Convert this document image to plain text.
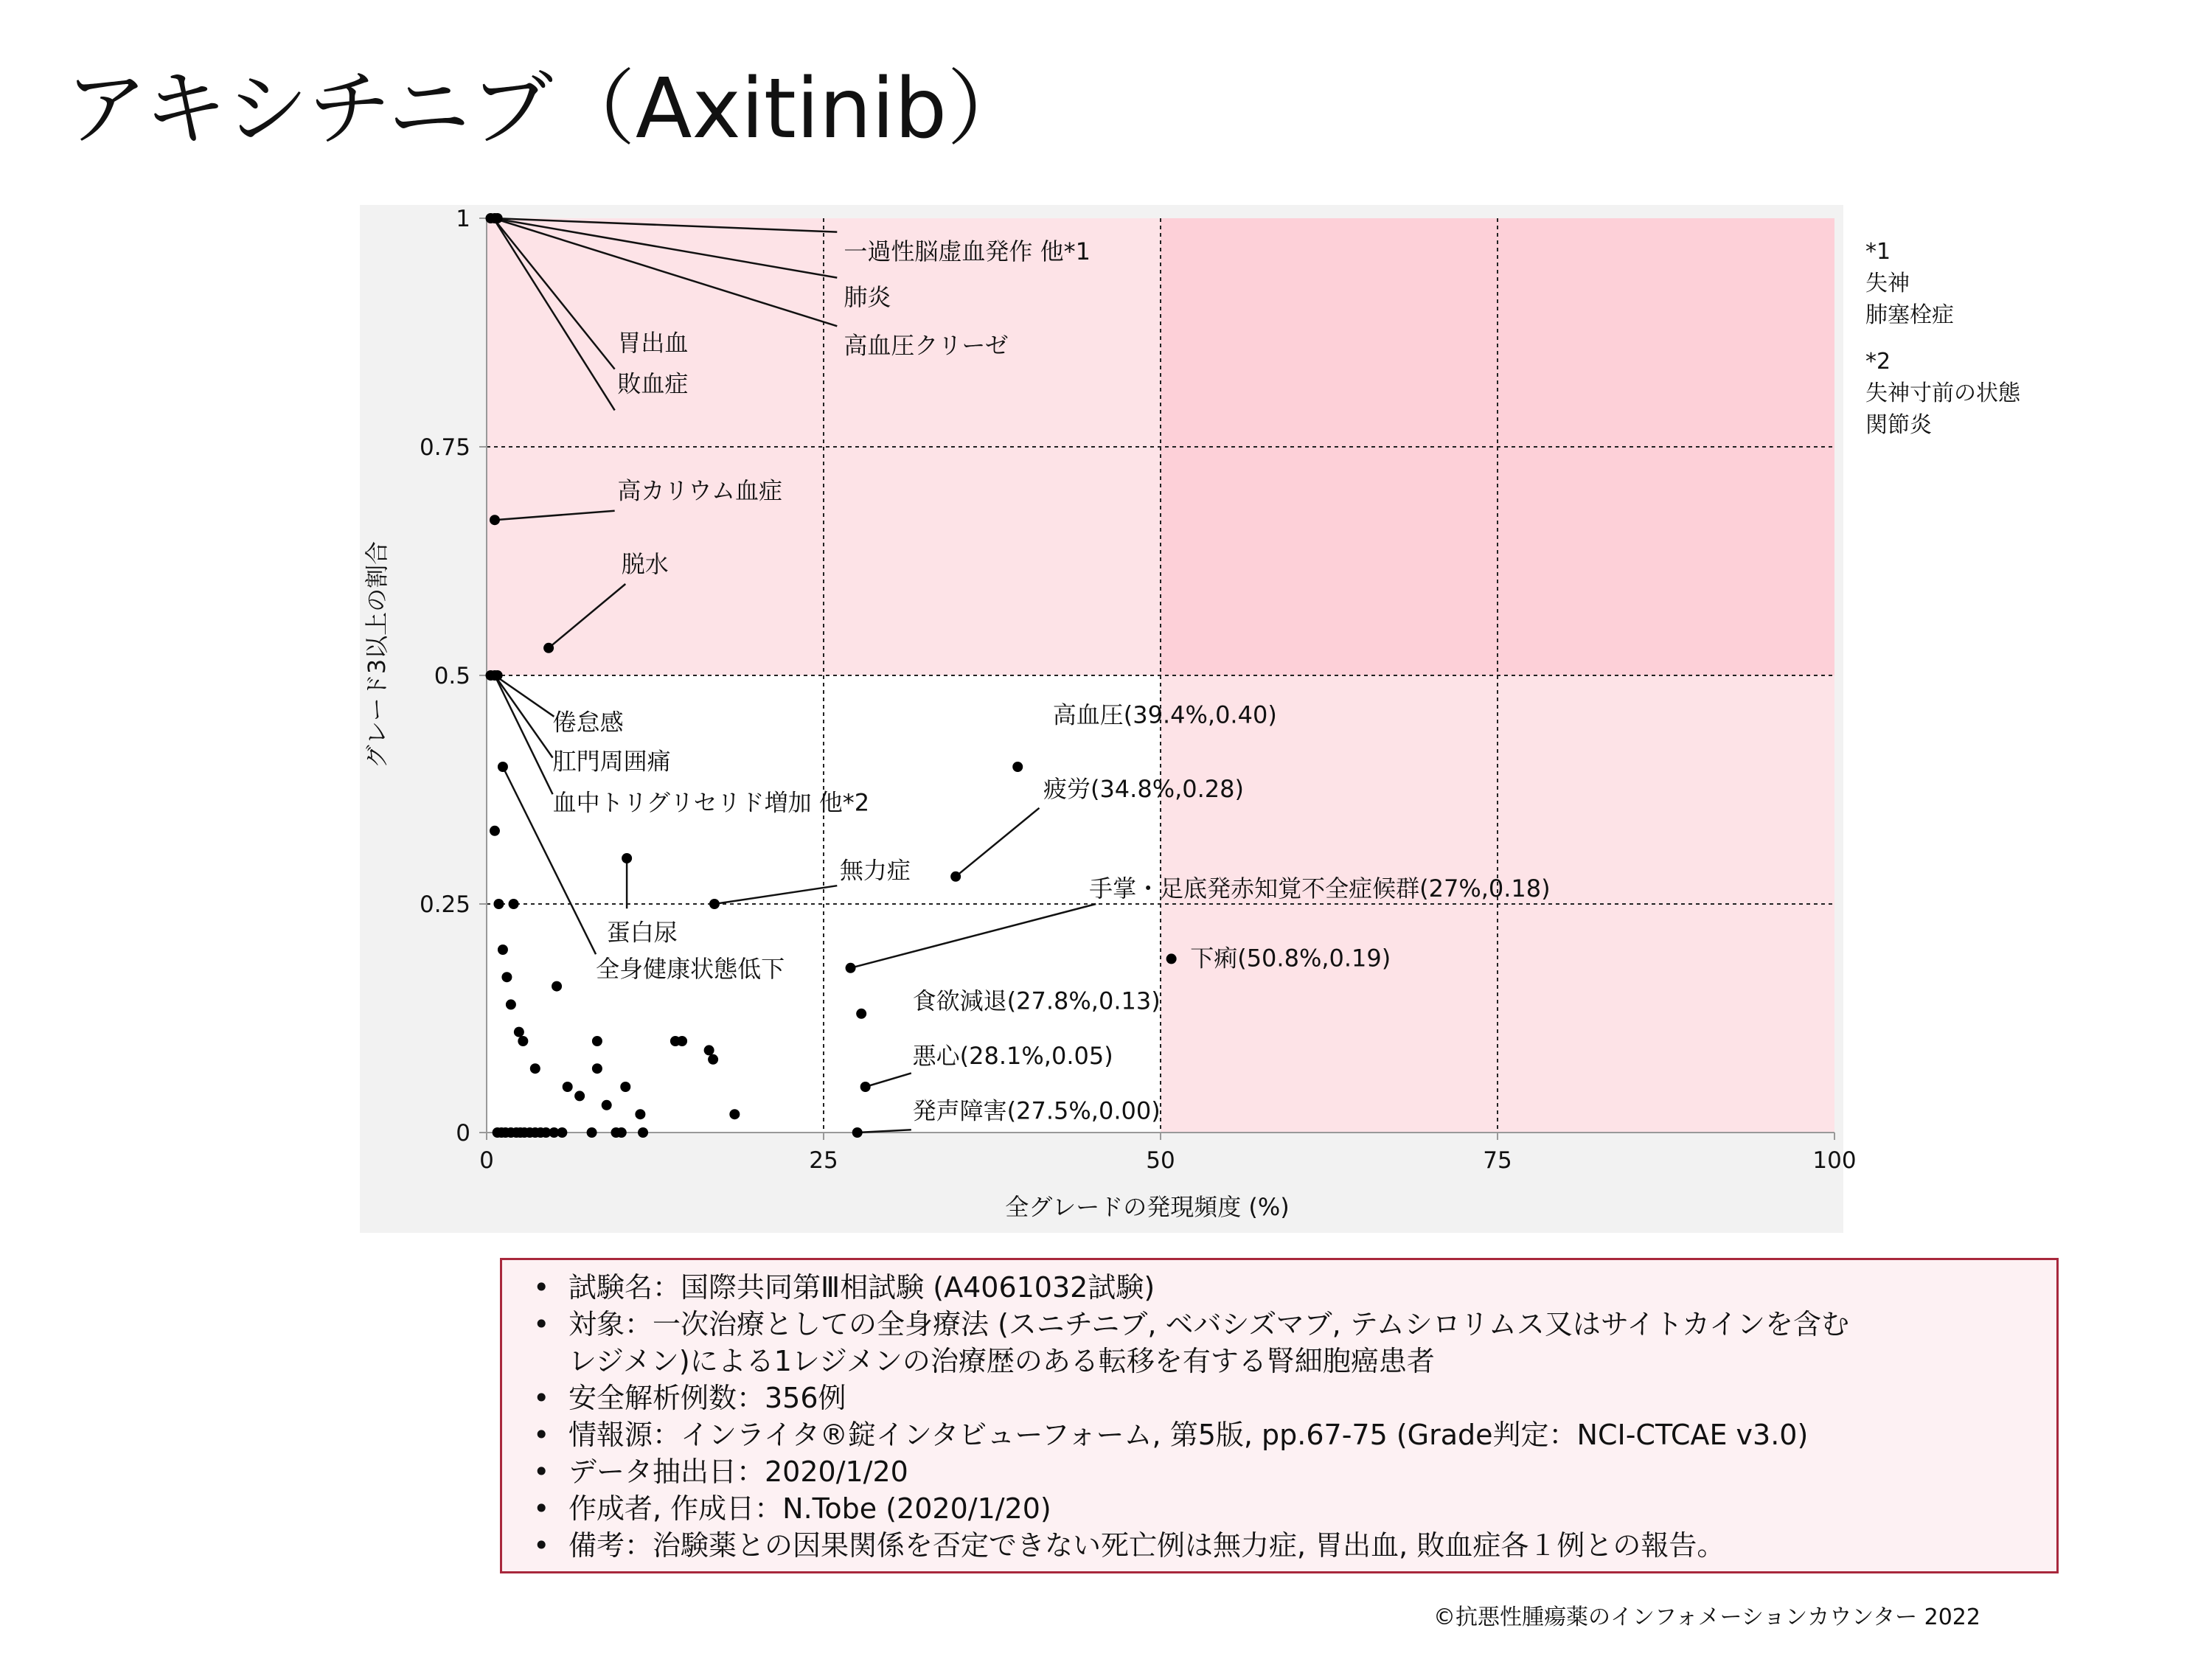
アキシチニブ（Axitinib）
0	25	50	75	100
0
0.25
0.5
0.75
1
一過性脳虚血発作 他*1
肺炎
高血圧クリーゼ
胃出血
敗血症
高カリウム血症
脱水
倦怠感
肛門周囲痛
血中トリグリセリド増加 他*2
無力症
蛋白尿
全身健康状態低下
高血圧(39.4%,0.40)
疲労(34.8%,0.28)
手掌・足底発赤知覚不全症候群(27%,0.18)
下痢(50.8%,0.19)
食欲減退(27.8%,0.13)
悪心(28.1%,0.05)
発声障害(27.5%,0.00)
全グレードの発現頻度 (%)
グレード3以上の割合
*1
失神
肺塞栓症
*2
失神寸前の状態
関節炎
• 試験名：国際共同第Ⅲ相試験 (A4061032試験)
• 対象：一次治療としての全身療法 (スニチニブ, ベバシズマブ, テムシロリムス又はサイトカインを含む
レジメン)による1レジメンの治療歴のある転移を有する腎細胞癌患者
• 安全解析例数：356例
• 情報源：インライタ®錠インタビューフォーム, 第5版, pp.67-75 (Grade判定：NCI-CTCAE v3.0)
• データ抽出日：2020/1/20
• 作成者, 作成日：N.Tobe (2020/1/20)
• 備考：治験薬との因果関係を否定できない死亡例は無力症, 胃出血, 敗血症各１例との報告。
©抗悪性腫瘍薬のインフォメーションカウンター 2022
